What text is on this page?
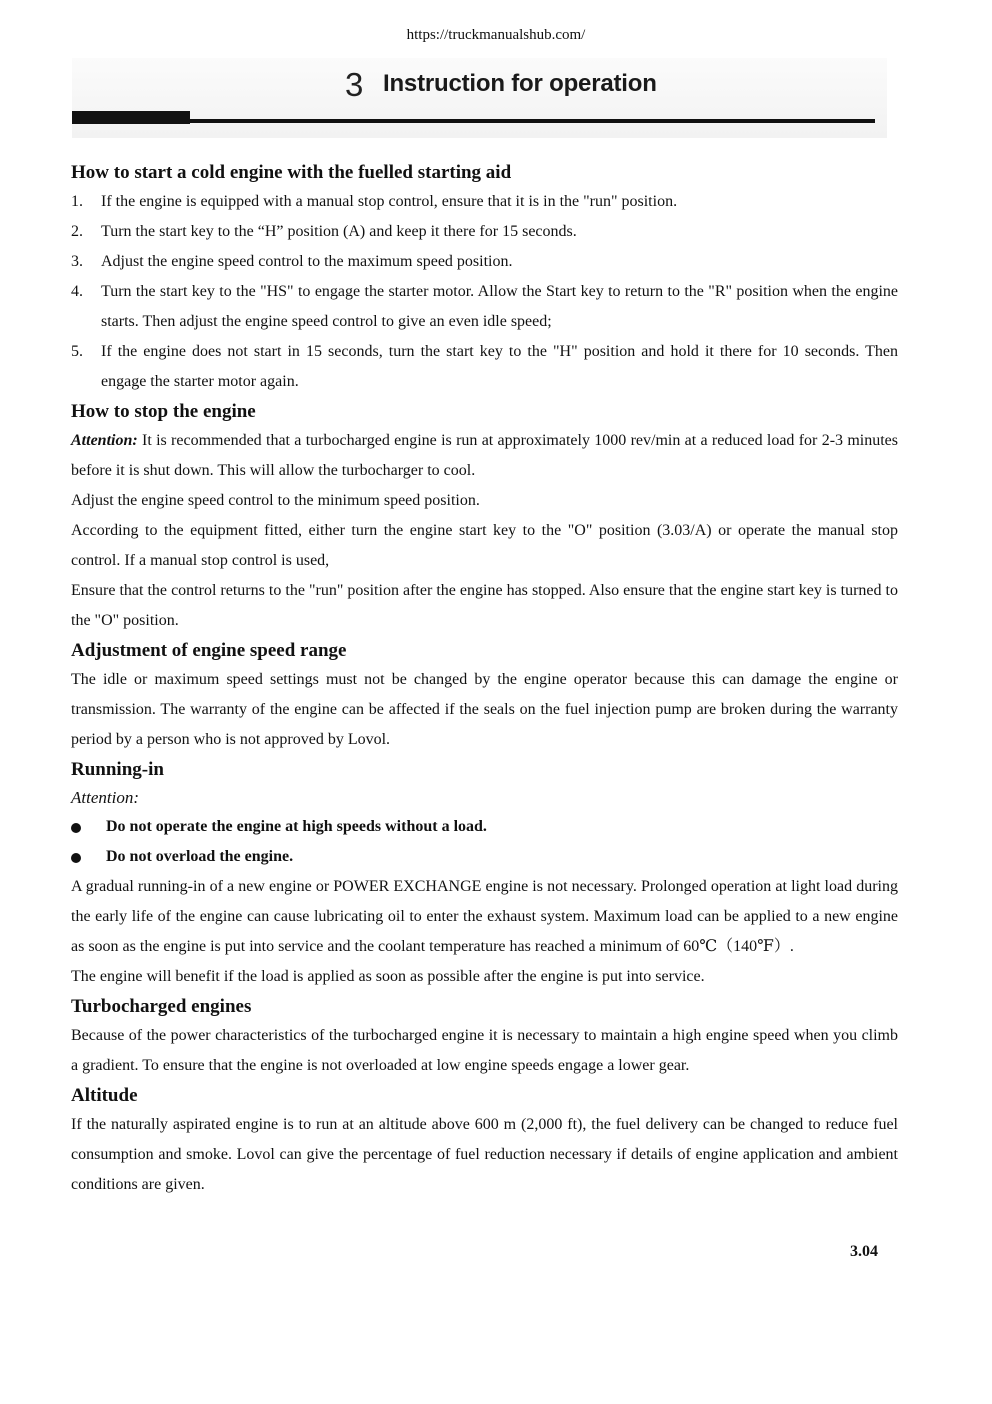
https://truckmanualshub.com/
3 Instruction for operation
How to start a cold engine with the fuelled starting aid
1. If the engine is equipped with a manual stop control, ensure that it is in the "run" position.
2. Turn the start key to the “H” position (A) and keep it there for 15 seconds.
3. Adjust the engine speed control to the maximum speed position.
4. Turn the start key to the "HS" to engage the starter motor. Allow the Start key to return to the "R" position when the engine starts. Then adjust the engine speed control to give an even idle speed;
5. If the engine does not start in 15 seconds, turn the start key to the "H" position and hold it there for 10 seconds. Then engage the starter motor again.
How to stop the engine

Attention: It is recommended that a turbocharged engine is run at approximately 1000 rev/min at a reduced load for 2-3 minutes before it is shut down. This will allow the turbocharger to cool.

Adjust the engine speed control to the minimum speed position.

According to the equipment fitted, either turn the engine start key to the "O" position (3.03/A) or operate the manual stop control. If a manual stop control is used,

Ensure that the control returns to the "run" position after the engine has stopped. Also ensure that the engine start key is turned to the "O" position.

Adjustment of engine speed range

The idle or maximum speed settings must not be changed by the engine operator because this can damage the engine or transmission. The warranty of the engine can be affected if the seals on the fuel injection pump are broken during the warranty period by a person who is not approved by Lovol.

Running-in

Attention:

Do not operate the engine at high speeds without a load.
Do not overload the engine.

A gradual running-in of a new engine or POWER EXCHANGE engine is not necessary. Prolonged operation at light load during the early life of the engine can cause lubricating oil to enter the exhaust system. Maximum load can be applied to a new engine as soon as the engine is put into service and the coolant temperature has reached a minimum of 60℃（140℉）.

The engine will benefit if the load is applied as soon as possible after the engine is put into service.

Turbocharged engines

Because of the power characteristics of the turbocharged engine it is necessary to maintain a high engine speed when you climb a gradient. To ensure that the engine is not overloaded at low engine speeds engage a lower gear.

Altitude

If the naturally aspirated engine is to run at an altitude above 600 m (2,000 ft), the fuel delivery can be changed to reduce fuel consumption and smoke. Lovol can give the percentage of fuel reduction necessary if details of engine application and ambient conditions are given.

3.04
